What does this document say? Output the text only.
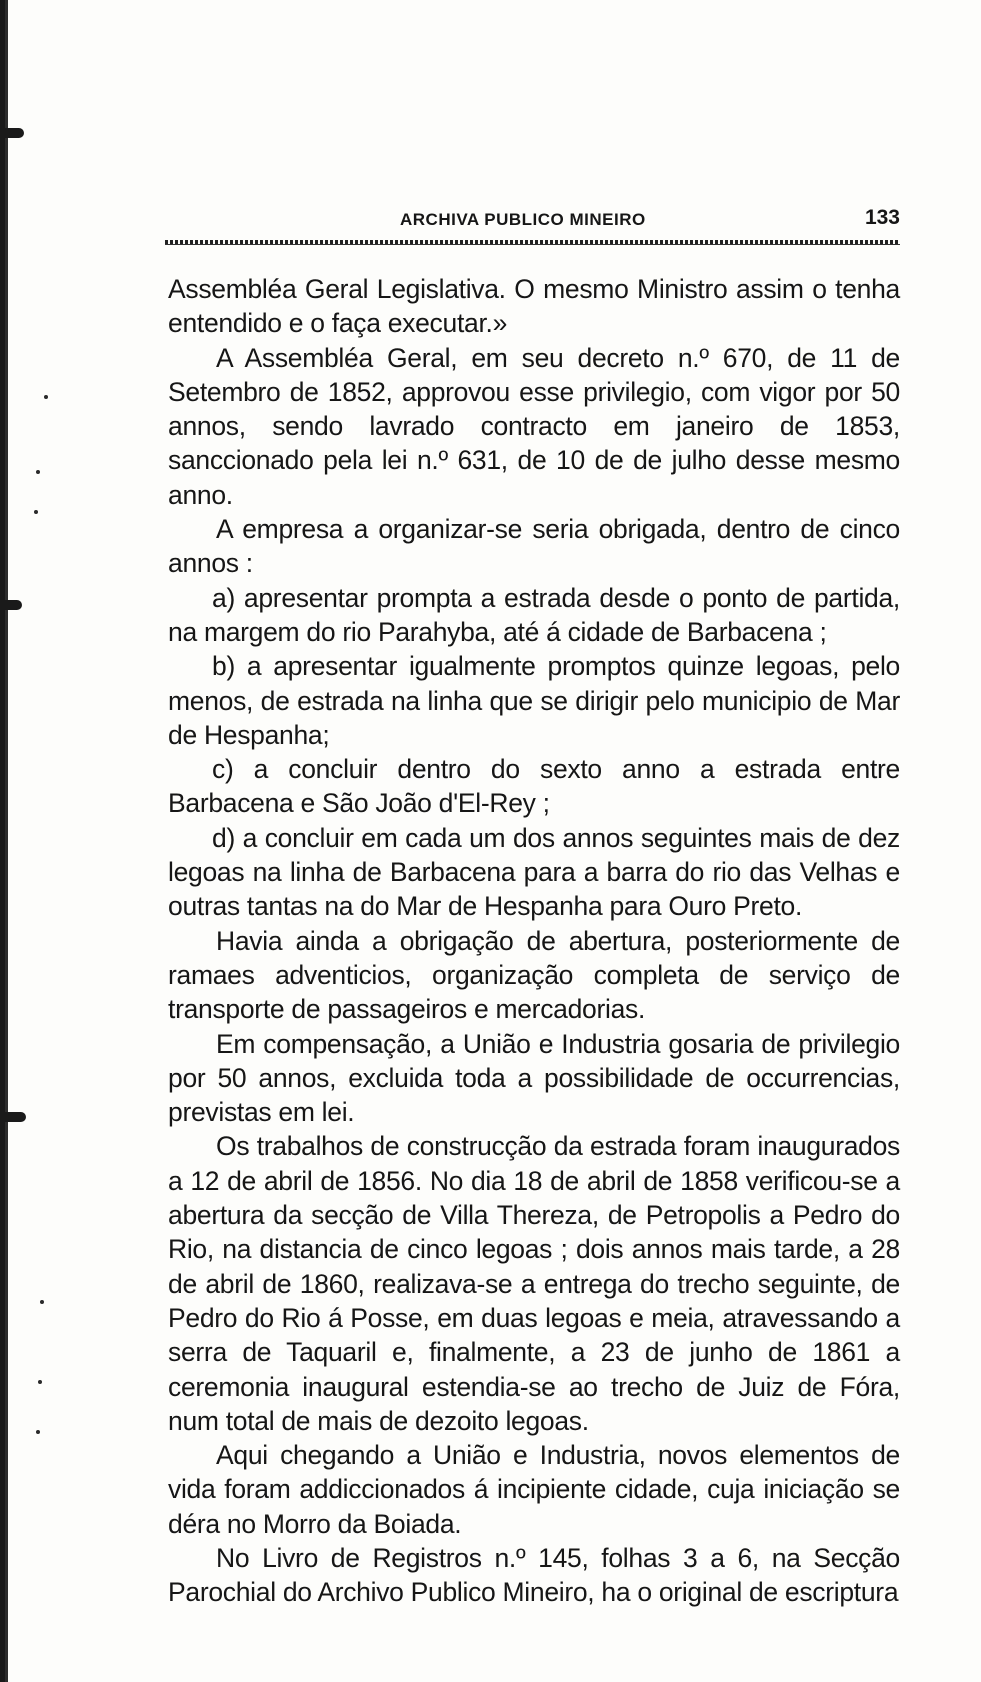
ARCHIVA PUBLICO MINEIRO	133

Assembléa Geral Legislativa. O mesmo Ministro assim o tenha entendido e o faça executar.»

A Assembléa Geral, em seu decreto n.º 670, de 11 de Setembro de 1852, approvou esse privilegio, com vigor por 50 annos, sendo lavrado contracto em janeiro de 1853, sanccionado pela lei n.º 631, de 10 de de julho desse mesmo anno.

A empresa a organizar-se seria obrigada, dentro de cinco annos :

a) apresentar prompta a estrada desde o ponto de partida, na margem do rio Parahyba, até á cidade de Barbacena ;

b) a apresentar igualmente promptos quinze legoas, pelo menos, de estrada na linha que se dirigir pelo municipio de Mar de Hespanha;

c) a concluir dentro do sexto anno a estrada entre Barbacena e São João d'El-Rey ;

d) a concluir em cada um dos annos seguintes mais de dez legoas na linha de Barbacena para a barra do rio das Velhas e outras tantas na do Mar de Hespanha para Ouro Preto.

Havia ainda a obrigação de abertura, posteriormente de ramaes adventicios, organização completa de serviço de transporte de passageiros e mercadorias.

Em compensação, a União e Industria gosaria de privilegio por 50 annos, excluida toda a possibilidade de occurrencias, previstas em lei.

Os trabalhos de construcção da estrada foram inaugurados a 12 de abril de 1856. No dia 18 de abril de 1858 verificou-se a abertura da secção de Villa Thereza, de Petropolis a Pedro do Rio, na distancia de cinco legoas ; dois annos mais tarde, a 28 de abril de 1860, realizava-se a entrega do trecho seguinte, de Pedro do Rio á Posse, em duas legoas e meia, atravessando a serra de Taquaril e, finalmente, a 23 de junho de 1861 a ceremonia inaugural estendia-se ao trecho de Juiz de Fóra, num total de mais de dezoito legoas.

Aqui chegando a União e Industria, novos elementos de vida foram addiccionados á incipiente cidade, cuja iniciação se déra no Morro da Boiada.

No Livro de Registros n.º 145, folhas 3 a 6, na Secção Parochial do Archivo Publico Mineiro, ha o original de escriptura
